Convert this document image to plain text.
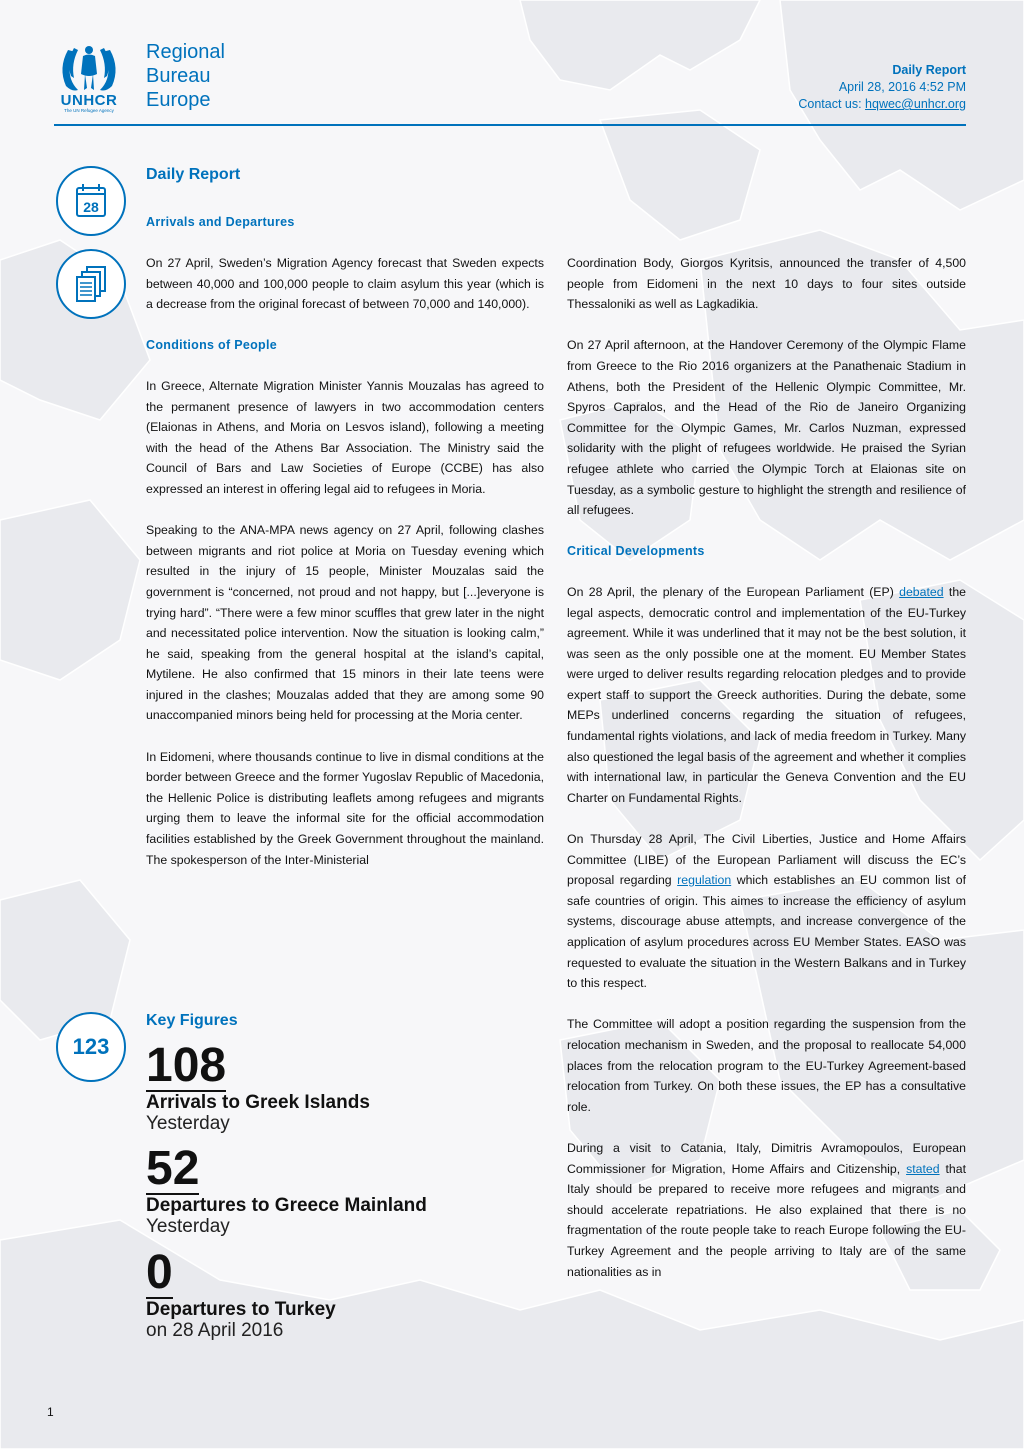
UNHCR
The UN Refugee Agency
Regional
Bureau
Europe
Daily Report
April 28, 2016 4:52 PM
Contact us: hqwec@unhcr.org
28
123
Daily Report
Arrivals and Departures

On 27 April, Sweden’s Migration Agency forecast that Sweden expects between 40,000 and 100,000 people to claim asylum this year (which is a decrease from the original forecast of between 70,000 and 140,000).

Conditions of People

In Greece, Alternate Migration Minister Yannis Mouzalas has agreed to the permanent presence of lawyers in two accommodation centers (Elaionas in Athens, and Moria on Lesvos island), following a meeting with the head of the Athens Bar Association. The Ministry said the Council of Bars and Law Societies of Europe (CCBE) has also expressed an interest in offering legal aid to refugees in Moria.

Speaking to the ANA-MPA news agency on 27 April, following clashes between migrants and riot police at Moria on Tuesday evening which resulted in the injury of 15 people, Minister Mouzalas said the government is “concerned, not proud and not happy, but [...]everyone is trying hard”. “There were a few minor scuffles that grew later in the night and necessitated police intervention. Now the situation is looking calm,” he said, speaking from the general hospital at the island’s capital, Mytilene. He also confirmed that 15 minors in their late teens were injured in the clashes; Mouzalas added that they are among some 90 unaccompanied minors being held for processing at the Moria center.

In Eidomeni, where thousands continue to live in dismal conditions at the border between Greece and the former Yugoslav Republic of Macedonia, the Hellenic Police is distributing leaflets among refugees and migrants urging them to leave the informal site for the official accommodation facilities established by the Greek Government throughout the mainland. The spokesperson of the Inter-Ministerial

Coordination Body, Giorgos Kyritsis, announced the transfer of 4,500 people from Eidomeni in the next 10 days to four sites outside Thessaloniki as well as Lagkadikia.

On 27 April afternoon, at the Handover Ceremony of the Olympic Flame from Greece to the Rio 2016 organizers at the Panathenaic Stadium in Athens, both the President of the Hellenic Olympic Committee, Mr. Spyros Capralos, and the Head of the Rio de Janeiro Organizing Committee for the Olympic Games, Mr. Carlos Nuzman, expressed solidarity with the plight of refugees worldwide. He praised the Syrian refugee athlete who carried the Olympic Torch at Elaionas site on Tuesday, as a symbolic gesture to highlight the strength and resilience of all refugees.

Critical Developments

On 28 April, the plenary of the European Parliament (EP) debated the legal aspects, democratic control and implementation of the EU-Turkey agreement. While it was underlined that it may not be the best solution, it was seen as the only possible one at the moment. EU Member States were urged to deliver results regarding relocation pledges and to provide expert staff to support the Greeck authorities. During the debate, some MEPs underlined concerns regarding the situation of refugees, fundamental rights violations, and lack of media freedom in Turkey. Many also questioned the legal basis of the agreement and whether it complies with international law, in particular the Geneva Convention and the EU Charter on Fundamental Rights.

On Thursday 28 April, The Civil Liberties, Justice and Home Affairs Committee (LIBE) of the European Parliament will discuss the EC’s proposal regarding regulation which establishes an EU common list of safe countries of origin. This aimes to increase the efficiency of asylum systems, discourage abuse attempts, and increase convergence of the application of asylum procedures across EU Member States. EASO was requested to evaluate the situation in the Western Balkans and in Turkey to this respect.

The Committee will adopt a position regarding the suspension from the relocation mechanism in Sweden, and the proposal to reallocate 54,000 places from the relocation program to the EU-Turkey Agreement-based relocation from Turkey. On both these issues, the EP has a consultative role.

During a visit to Catania, Italy, Dimitris Avramopoulos, European Commissioner for Migration, Home Affairs and Citizenship, stated that Italy should be prepared to receive more refugees and migrants and should accelerate repatriations. He also explained that there is no fragmentation of the route people take to reach Europe following the EU-Turkey Agreement and the people arriving to Italy are of the same nationalities as in

Key Figures
108
Arrivals to Greek Islands
Yesterday
52
Departures to Greece Mainland
Yesterday
0
Departures to Turkey
on 28 April 2016
1
